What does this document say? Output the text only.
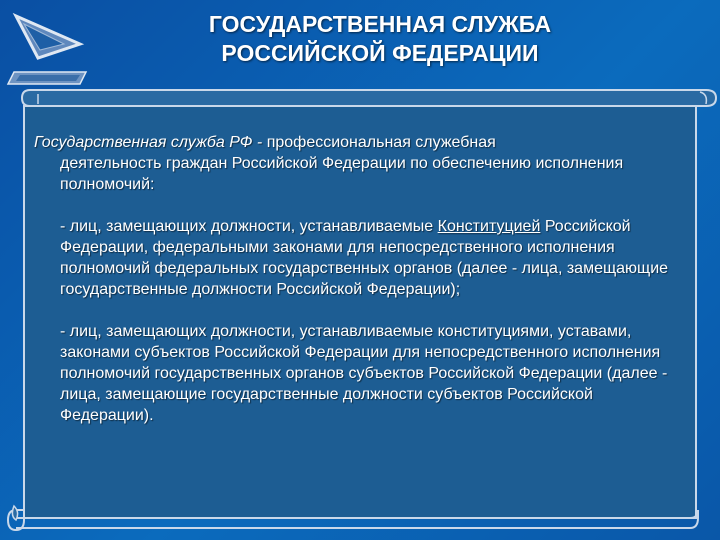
ГОСУДАРСТВЕННАЯ СЛУЖБА
РОССИЙСКОЙ ФЕДЕРАЦИИ

Государственная служба РФ - профессиональная служебная

деятельность граждан Российской Федерации по обеспечению исполнения полномочий:

- лиц, замещающих должности, устанавливаемые Конституцией Российской Федерации, федеральными законами для непосредственного исполнения полномочий федеральных государственных органов (далее - лица, замещающие государственные должности Российской Федерации);

- лиц, замещающих должности, устанавливаемые конституциями, уставами, законами субъектов Российской Федерации для непосредственного исполнения полномочий государственных органов субъектов Российской Федерации (далее - лица, замещающие государственные должности субъектов Российской Федерации).
